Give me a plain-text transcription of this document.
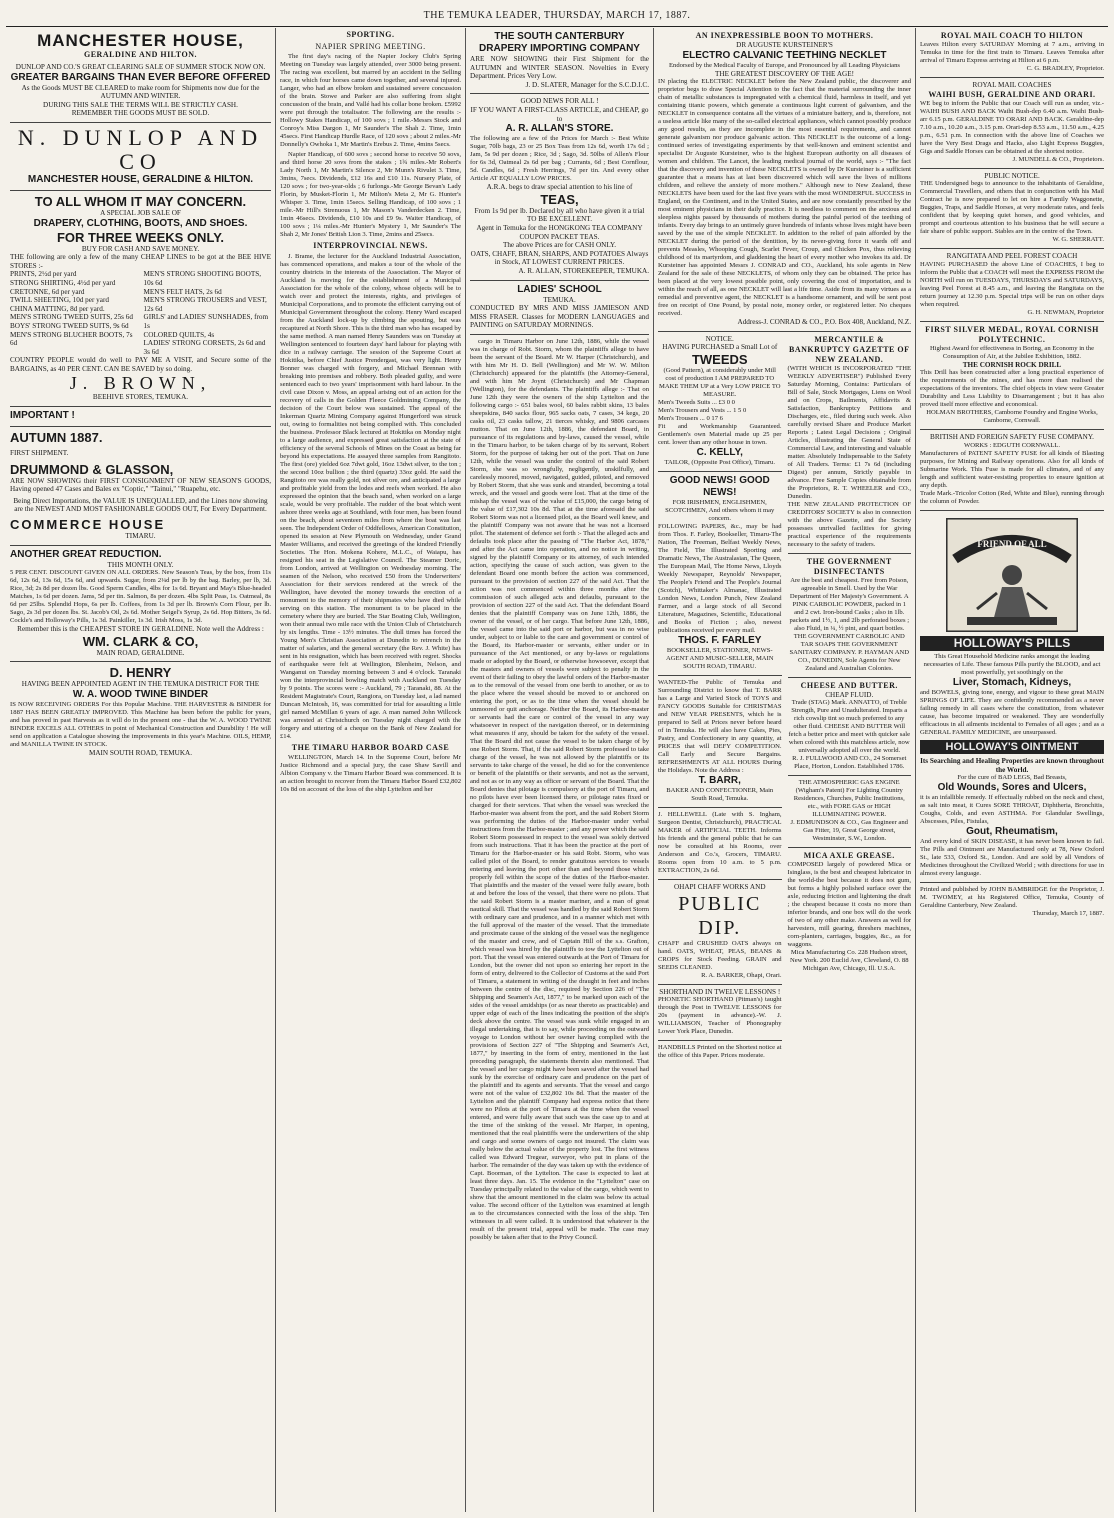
THE TEMUKA LEADER, THURSDAY, MARCH 17, 1887.
MANCHESTER HOUSE,
GERALDINE AND HILTON.
DUNLOP AND CO.'S GREAT CLEARING SALE OF SUMMER STOCK NOW ON.
GREATER BARGAINS THAN EVER BEFORE OFFERED
As the Goods MUST BE CLEARED to make room for Shipments now due for the AUTUMN AND WINTER.
DURING THIS SALE THE TERMS WILL BE STRICTLY CASH.
REMEMBER THE GOODS MUST BE SOLD.
N. DUNLOP AND CO
MANCHESTER HOUSE, GERALDINE & HILTON.
TO ALL WHOM IT MAY CONCERN.
A SPECIAL JOB SALE OF
DRAPERY, CLOTHING, BOOTS, AND SHOES.
FOR THREE WEEKS ONLY.
BUY FOR CASH AND SAVE MONEY.
THE following are only a few of the many CHEAP LINES to be got at the BEE HIVE STORES :-
PRINTS, 2½d per yard
STRONG SHIRTING, 4½d per yard
CRETONNE, 6d per yard
TWILL SHEETING, 10d per yard
CHINA MATTING, 8d per yard.
MEN'S STRONG TWEED SUITS, 25s 6d
BOYS' STRONG TWEED SUITS, 9s 6d
MEN'S STRONG BLUCHER BOOTS, 7s 6d
MEN'S STRONG SHOOTING BOOTS, 10s 6d
MEN'S FELT HATS, 2s 6d
MEN'S STRONG TROUSERS and VEST, 12s 6d
GIRLS' and LADIES' SUNSHADES, from 1s
COLORED QUILTS, 4s
LADIES' STRONG CORSETS, 2s 6d and 3s 6d
COUNTRY PEOPLE would do well to PAY ME A VISIT, and Secure some of the BARGAINS, as 40 PER CENT. CAN BE SAVED by so doing.
J. BROWN,
BEEHIVE STORES, TEMUKA.
IMPORTANT !
AUTUMN 1887.
FIRST SHIPMENT.
DRUMMOND & GLASSON,
ARE NOW SHOWING their FIRST CONSIGNMENT OF NEW SEASON'S GOODS, Having opened 47 Cases and Bales ex "Coptic," "Tainui," "Ruapehu, etc.
Being Direct Importations, the VALUE IS UNEQUALLED, and the Lines now showing are the NEWEST AND MOST FASHIONABLE GOODS OUT, For Every Department.
COMMERCE HOUSE
TIMARU.
ANOTHER GREAT REDUCTION.
THIS MONTH ONLY.
5 PER CENT. DISCOUNT GIVEN ON ALL ORDERS. New Season's Teas, by the box, from 11s 6d, 12s 6d, 13s 6d, 15s 6d, and upwards. Sugar, from 2¼d per lb by the bag. Barley, per lb, 3d. Rice, 3d; 2s 8d per dozen lbs. Good Sperm Candles, 4lbs for 1s 6d. Bryant and May's Blue-headed Matches, 1s 6d per dozen. Jams, 5d per tin. Salmon, 8s per dozen. 4lbs Split Peas, 1s. Oatmeal, 8s 6d per 25lbs. Splendid Hops, 6s per lb. Coffees, from 1s 3d per lb. Brown's Corn Flour, per lb. Sago, 2s 3d per dozen lbs. St. Jacob's Oil, 2s 6d. Mother Seigel's Syrup, 2s 6d. Hop Bitters, 3s 6d. Cockle's and Holloway's Pills, 1s 3d. Painkiller, 1s 3d. Irish Moss, 1s 3d.
Remember this is the CHEAPEST STORE IN GERALDINE. Note well the Address :
WM. CLARK & CO,
MAIN ROAD, GERALDINE.
D. HENRY
HAVING BEEN APPOINTED AGENT IN THE TEMUKA DISTRICT FOR THE
W. A. WOOD TWINE BINDER
IS NOW RECEIVING ORDERS For this Popular Machine. THE HARVESTER & BINDER for 1887 HAS BEEN GREATLY IMPROVED. This Machine has been before the public for years, and has proved in past Harvests as it will do in the present one - that the W. A. WOOD TWINE BINDER EXCELS ALL OTHERS in point of Mechanical Construction and Durability ! He will send on application a Catalogue showing the improvements in this year's Machine. OILS, HEMP, and MANILLA TWINE IN STOCK.
MAIN SOUTH ROAD, TEMUKA.
SPORTING.
NAPIER SPRING MEETING.

The first day's racing of the Napier Jockey Club's Spring Meeting on Tuesday was largely attended, over 3000 being present. The racing was excellent, but marred by an accident in the Selling race, in which four horses came down together, and several injured. Langer, who had an elbow broken and sustained severe concussion of the brain. Stowe and Parker are also suffering from slight concussion of the brain, and Vallé had his collar bone broken. £5992 were put through the totalisator. The following are the results :- Hollowy Stakes Handicap, of 100 sovs ; 1 mile.-Messrs Stock and Conroy's Miss Dargon 1, Mr Saunder's The Shah 2. Time, 1min 45secs. First Handicap Hurdle Race, of 120 sovs ; about 2 miles.-Mr Donnelly's Owhoka 1, Mr Martin's Erebus 2. Time, 4mins 5secs.

Napier Handicap, of 600 sovs ; second horse to receive 50 sovs, and third horse 20 sovs from the stakes ; 1¾ miles.-Mr Robert's Lady North 1, Mr Martin's Silence 2, Mr Munn's Rivulet 3. Time, 3mins, 7secs. Dividends, £12 16s and £10 11s. Nursery Plate, of 120 sovs ; for two-year-olds ; 6 furlongs.-Mr George Bevan's Lady Florin, by Musket-Florin 1, Mr Milton's Meta 2, Mr G. Hunter's Whisper 3. Time, 1min 15secs. Selling Handicap, of 100 sovs ; 1 mile.-Mr Hill's Strenuous 1, Mr Mason's Vanderdecken 2. Time, 1min 46secs. Dividends, £10 10s and £9 9s. Waiter Handicap, of 100 sovs ; 1¼ miles.-Mr Hunter's Mystery 1, Mr Saunder's The Shah 2, Mr Jones' British Lion 3. Time, 2mins and 25secs.

INTERPROVINCIAL NEWS.

J. Brame, the lecturer for the Auckland Industrial Association, has commenced operations, and makes a tour of the whole of the country districts in the interests of the Association. The Mayor of Auckland is moving for the establishment of a Municipal Association for the whole of the colony, whose objects will be to watch over and protect the interests, rights, and privileges of Municipal Corporations, and to promote the efficient carrying out of Municipal Government throughout the colony. Henry Ward escaped from the Auckland lock-up by climbing the spouting, but was recaptured at North Shore. This is the third man who has escaped by the same method. A man named Henry Saunders was on Tuesday at Wellington sentenced to fourteen days' hard labour for playing with dice in a railway carriage. The session of the Supreme Court at Hokitika, before Chief Justice Prendergast, was very light. Henry Bonner was charged with forgery, and Michael Brennan with breaking into premises and robbery. Both pleaded guilty, and were sentenced each to two years' imprisonment with hard labour. In the civil case Dixon v. Moss, an appeal arising out of an action for the recovery of calls in the Golden Fleece Goldmining Company, the decision of the Court below was sustained. The appeal of the Inkerman Quartz Mining Company against Hungerford was struck out, owing to formalities not being complied with. This concluded the business. Professor Black lectured at Hokitika on Monday night to a large audience, and expressed great satisfaction at the state of efficiency of the several Schools of Mines on the Coast as being far beyond his expectations. He assayed three samples from Rangitoto. The first (ore) yielded 6oz 7dwt gold, 16oz 13dwt silver, to the ton ; the second 10oz bullion ; the third (quartz) 33oz gold. He said the Rangitoto ore was really gold, not silver ore, and anticipated a large and profitable yield from the lodes and reefs when worked. He also expressed the opinion that the beach sand, when worked on a large scale, would be very profitable. The rudder of the boat which went ashore three weeks ago at Southland, with four men, has been found on the beach, about seventeen miles from where the boat was last seen. The Independent Order of Oddfellows, American Constitution, opened its session at New Plymouth on Wednesday, under Grand Master Williams, and received the greetings of the kindred Friendly Societies. The Hon. Mokena Kohere, M.L.C., of Waiapu, has resigned his seat in the Legislative Council. The Steamer Doric, from London, arrived at Wellington on Wednesday morning. The seamen of the Nelson, who received £50 from the Underwriters' Association for their services rendered at the wreck of the Wellington, have devoted the money towards the erection of a monument to the memory of their shipmates who have died while serving on this station. The monument is to be placed in the cemetery where they are buried. The Star Boating Club, Wellington, won their annual two mile race with the Union Club of Christchurch by six lengths. Time - 13½ minutes. The dull times has forced the Young Men's Christian Association at Dunedin to retrench in the matter of salaries, and the general secretary (the Rev. J. White) has sent in his resignation, which has been received with regret. Shocks of earthquake were felt at Wellington, Blenheim, Nelson, and Wanganui on Tuesday morning between 3 and 4 o'clock. Taranaki won the interprovincial bowling match with Auckland on Tuesday by 9 points. The scores were :- Auckland, 79 ; Taranaki, 88. At the Resident Magistrate's Court, Rangiora, on Tuesday last, a lad named Duncan McIntosh, 16, was committed for trial for assaulting a little girl named McMillan 6 years of age. A man named John Willcock was arrested at Christchurch on Tuesday night charged with the forgery and uttering of a cheque on the Bank of New Zealand for £14.

THE TIMARU HARBOR BOARD CASE

WELLINGTON, March 14. In the Supreme Court, before Mr Justice Richmond and a special jury, the case Shaw Savill and Albion Company v. the Timaru Harbor Board was commenced. It is an action brought to recover from the Timaru Harbor Board £32,802 10s 8d on account of the loss of the ship Lyttelton and her

THE SOUTH CANTERBURY DRAPERY IMPORTING COMPANY
ARE NOW SHOWING their First Shipment for the AUTUMN and WINTER SEASON. Novelties in Every Department. Prices Very Low.
J. D. SLATER, Manager for the S.C.D.I.C.
GOOD NEWS FOR ALL !
IF YOU WANT A FIRST-CLASS ARTICLE, and CHEAP, go to
A. R. ALLAN'S STORE.
The following are a few of the Prices for March :- Best White Sugar, 70lb bags, 23 or 25 Box Teas from 12s 6d, worth 17s 6d ; Jam, 5s 9d per dozen ; Rice, 3d ; Sago, 3d. 50lbs of Allen's Flour for 6s 3d, Oatmeal 2s 6d per bag ; Currants, 6d ; Best Cornflour, 5d. Candles, 6d ; Fresh Herrings, 7d per tin. And every other Article AT EQUALLY LOW PRICES.
A.R.A. begs to draw special attention to his line of
TEAS,
From 1s 9d per lb. Declared by all who have given it a trial TO BE EXCELLENT.
Agent in Temuka for the HONGKONG TEA COMPANY COUPON PACKET TEAS.
The above Prices are for CASH ONLY.
OATS, CHAFF, BRAN, SHARPS, AND POTATOES Always in Stock, AT LOWEST CURRENT PRICES.
A. R. ALLAN, STOREKEEPER, TEMUKA.
LADIES' SCHOOL
TEMUKA.
CONDUCTED BY MRS AND MISS JAMIESON AND MISS FRASER. Classes for MODERN LANGUAGES and PAINTING on SATURDAY MORNINGS.

cargo in Timaru Harbor on June 12th, 1886, while the vessel was in charge of Robt. Storm, whom the plaintiffs allege to have been the servant of the Board. Mr W. Harper (Christchurch), and with him Mr H. D. Bell (Wellington) and Mr W. W. Milton (Christchurch) appeared for the plaintiffs (the Attorney-General, and with him Mr Joynt (Christchurch) and Mr Chapman (Wellington), for the defendants. The plaintiffs allege :- That on June 12th they were the owners of the ship Lyttelton and the following cargo :- 651 bales wool, 60 bales rabbit skins, 13 bales sheepskins, 840 sacks flour, 965 sacks oats, 7 cases, 34 kegs, 20 casks oil, 23 casks tallow, 21 tierces whisky, and 9806 carcases mutton. That on June 12th, 1886, the defendant Board, in pursuance of its regulations and by-laws, caused the vessel, while in the Timaru harbor, to be taken charge of by its servant, Robert Storm, for the purpose of taking her out of the port. That on June 12th, while the vessel was under the control of the said Robert Storm, she was so wrongfully, negligently, unskilfully, and carelessly moored, moved, navigated, guided, piloted, and removed by Robert Storm, that she was sunk and stranded, becoming a total wreck, and the vessel and goods were lost. That at the time of the mishap the vessel was of the value of £15,000, the cargo being of the value of £17,302 10s 8d. That at the time aforesaid the said Robert Storm was not a licensed pilot, as the Board well knew, and the plaintiff Company was not aware that he was not a licensed pilot. The statement of defence set forth :- That the alleged acts and defaults took place after the passing of "The Harbor Act, 1878," and after the Act came into operation, and no notice in writing, signed by the plaintiff Company or its attorney, of such intended action, specifying the cause of such action, was given to the defendant Board one month before the action was commenced, pursuant to the provision of section 227 of the said Act. That the action was not commenced within three months after the commission of such alleged acts and defaults, pursuant to the provision of section 227 of the said Act. That the defendant Board denies that the plaintiff Company was on June 12th, 1886, the owner of the vessel, or of her cargo. That before June 12th, 1886, the vessel came into the said port or harbor, but was in no wise under, subject to or liable to the care and government or control of the Board, its Harbor-master or servants, either under or in pursuance of the Act mentioned, or any by-laws or regulations made or adopted by the Board, or otherwise howsoever, except that the masters and owners of vessels were subject to penalty in the event of their failing to obey the lawful orders of the Harbor-master as to the removal of the vessel from one berth to another, or as to the place where the vessel should be moved to or anchored on entering the port, or as to the time when the vessel should be unmoored or quit anchorage. Neither the Board, its Harbor-master or servants had the care or control of the vessel in any way whatsoever in respect of the navigation thereof, or in determining what measures if any, should be taken for the safety of the vessel. That the Board did not cause the vessel to be taken charge of by one Robert Storm. That, if the said Robert Storm professed to take charge of the vessel, he was not allowed by the plaintiffs or its servants to take charge of the vessel, he did so for the convenience or benefit of the plaintiffs or their servants, and not as the servant, and not as or in any way as officer or servant of the Board. That the Board denies that pilotage is compulsory at the port of Timaru, and no pilots have ever been licensed there, or pilotage rates fixed or charged for their services. That when the vessel was wrecked the Harbor-master was absent from the port, and the said Robert Storm was performing the duties of the Harbor-master under verbal instructions from the Harbor-master ; and any power which the said Robert Storm possessed in respect to the vessel was solely derived from such instructions. That it has been the practice at the port of Timaru for the Harbor-master or his said Robt. Storm, who was called pilot of the Board, to render gratuitous services to vessels entering and leaving the port other than and beyond those which properly fell within the scope of the duties of the Harbor-master. That plaintiffs and the master of the vessel were fully aware, both at and before the loss of the vessel, that there were no pilots. That the said Robert Storm is a master mariner, and a man of great nautical skill. That the vessel was handled by the said Robert Storm with ordinary care and prudence, and in a manner which met with the full approval of the master of the vessel. That the immediate and proximate cause of the sinking of the vessel was the negligence of the master and crew, and of Captain Hill of the s.s. Grafton, which vessel was hired by the plaintiffs to tow the Lyttelton out of port. That the vessel was entered outwards at the Port of Timaru for London, but the owner did not upon so entering her report in the form of entry, delivered to the Collector of Customs at the said Port of Timaru, a statement in writing of the draught in feet and inches between the centre of the disc, required by Section 226 of "The Shipping and Seamen's Act, 1877," to be marked upon each of the sides of the vessel amidships (or as near thereto as practicable) and upper edge of each of the lines indicating the position of the ship's deck above the centre. The vessel was sunk while engaged in an illegal undertaking, that is to say, while proceeding on the outward voyage to London without her owner having complied with the provisions of Section 227 of "The Shipping and Seamen's Act, 1877," by inserting in the form of entry, mentioned in the last preceding paragraph, the statements therein also mentioned. That the vessel and her cargo might have been saved after the vessel had sunk by the exercise of ordinary care and prudence on the part of the plaintiff and its agents and servants. That the vessel and cargo were not of the value of £32,802 10s 8d. That the master of the Lyttelton and the plaintiff Company had express notice that there were no Pilots at the port of Timaru at the time when the vessel entered, and were fully aware that such was the case up to and at the time of the sinking of the vessel. Mr Harper, in opening, mentioned that the real plaintiffs were the underwriters of the ship and cargo and some owners of cargo not insured. The claim was really below the actual value of the property lost. The first witness called was Edward Tregear, surveyor, who put in plans of the harbor. The remainder of the day was taken up with the evidence of Capt. Boorman, of the Lyttelton. The case is expected to last at least three days. Jan. 15. The evidence in the "Lyttelton" case on Tuesday principally related to the value of the cargo, which went to show that the amount mentioned in the claim was below its actual value. The second officer of the Lyttelton was examined at length as to the circumstances connected with the loss of the ship. Ten witnesses in all were called. It is understood that whatever is the result of the present trial, appeal will be made. The case may possibly be taken after that to the Privy Council.

AN INEXPRESSIBLE BOON TO MOTHERS.
DR AUGUSTE KURSTEINER'S
ELECTRO CALVANIC TEETHING NECKLET
Endorsed by the Medical Faculty of Europe, and Pronounced by all Leading Physicians
THE GREATEST DISCOVERY OF THE AGE!
IN placing the ELECTRIC NECKLET before the New Zealand public, the discoverer and proprietor begs to draw Special Attention to the fact that the material surrounding the inner chain of metallic substances is impregnated with a chemical fluid, harmless in itself, and yet containing titanic powers, which generate a continuous light current of galvanism, and the NECKLET in consequence contains all the virtues of a miniature battery, and is, therefore, not a useless article like many of the so-called electrical appliances, which cannot possibly produce any good results, as they are incomplete in the most essential requirements, and cannot generate galvanism nor produce galvanic action. This NECKLET is the outcome of a long-continued series of investigating experiments by that well-known and eminent scientist and specialist Dr Auguste Kursteiner, who is the highest European authority on all diseases of women and children. The Lancet, the leading medical journal of the world, says :- "The fact that the discovery and invention of these NECKLETS is owned by Dr Kursteiner is a sufficient guarantee that a means has at last been discovered which will save the lives of millions children, and relieve the anxiety of more mothers." Although new to New Zealand, these NECKLETS have been used for the last five years with the most WONDERFUL SUCCESS in England, on the Continent, and in the United States, and are now constantly prescribed by the most eminent physicians in their daily practice. It is needless to comment on the anxious and sleepless nights passed by thousands of mothers during the painful period of the teething of infants. Every day brings to an untimely grave hundreds of infants whose lives might have been saved by the use of the simple NECKLET. In addition to the relief of pain afforded by the NECKLET during the period of the dentition, by its never-giving force it wards off and prevents Measles, Whooping Cough, Scarlet Fever, Croup, and Chicken Pox, thus relieving childhood of its martyrdom, and gladdening the heart of every mother who invokes its aid. Dr Kursteiner has appointed Messrs J. CONRAD and CO., Auckland, his sole agents in New Zealand for the sale of these NECKLETS, of whom only they can be obtained. The price has been placed at the very lowest possible point, only covering the cost of importation, and is within the reach of all, as one NECKLET will last a life time. Aside from its many virtues as a remedial and preventive agent, the NECKLET is a handsome ornament, and will be sent post free on receipt of One Pound, by postal note, money order, or registered letter. No cheques received.
Address-J. CONRAD & CO., P.O. Box 408, Auckland, N.Z.
NOTICE.
HAVING PURCHASED a Small Lot of
TWEEDS
(Good Pattern), at considerably under Mill cost of production I AM PREPARED TO MAKE THEM UP at a Very LOW PRICE TO MEASURE.
Men's Tweeds Suits ... £3 0 0
Men's Trousers and Vests ... 1 5 0
Men's Trousers ... 0 17 6
Fit and Workmanship Guaranteed. Gentlemen's own Material made up 25 per cent. lower than any other house in town.
C. KELLY,
TAILOR, (Opposite Post Office), Timaru.
GOOD NEWS! GOOD NEWS!
FOR IRISHMEN, ENGLISHMEN, SCOTCHMEN, And others whom it may concern.
FOLLOWING PAPERS, &c., may be had from Thos. F. Farley, Bookseller, Timaru-The Nation, The Freeman, Belfast Weekly News, The Field, The Illustrated Sporting and Dramatic News, The Australasian, The Queen, The European Mail, The Home News, Lloyds Weekly Newspaper, Reynolds' Newspaper, The People's Friend and The People's Journal (Scotch), Whittaker's Almanac, Illustrated London News, London Punch, New Zealand Farmer, and a large stock of all Second Literature, Magazines, Scientific, Educational and Books of Fiction ; also, newest publications received per every mail.
THOS. F. FARLEY
BOOKSELLER, STATIONER, NEWS-AGENT AND MUSIC-SELLER, MAIN SOUTH ROAD, TIMARU.
WANTED-The Public of Temuka and Surrounding District to know that T. BARR has a Large and Varied Stock of TOYS and FANCY GOODS Suitable for CHRISTMAS and NEW YEAR PRESENTS, which he is prepared to Sell at Prices never before heard of in Temuka. He will also have Cakes, Pies, Pastry, and Confectionery in any quantity, at PRICES that will DEFY COMPETITION. Call Early and Secure Bargains. REFRESHMENTS AT ALL HOURS During the Holidays. Note the Address :
T. BARR,
BAKER AND CONFECTIONER, Main South Road, Temuka.
J. HELLEWELL (Late with S. Ingham, Surgeon Dentist, Christchurch), PRACTICAL MAKER of ARTIFICIAL TEETH. Informs his friends and the general public that he can now be consulted at his Rooms, over Anderson and Co.'s, Grocers, TIMARU. Rooms open from 10 a.m. to 5 p.m. EXTRACTION, 2s 6d.
OHAPI CHAFF WORKS AND
PUBLIC DIP.
CHAFF and CRUSHED OATS always on hand. OATS, WHEAT, PEAS, BEANS & CROPS for Stock Feeding. GRAIN and SEEDS CLEANED.
R. A. BARKER, Ohapi, Orari.
SHORTHAND IN TWELVE LESSONS !
PHONETIC SHORTHAND (Pitman's) taught through the Post in TWELVE LESSONS for 20s (payment in advance).-W. J. WILLIAMSON, Teacher of Phonography Lower York Place, Dunedin.
HANDBILLS Printed on the Shortest notice at the office of this Paper. Prices moderate.
MERCANTILE & BANKRUPTCY GAZETTE OF NEW ZEALAND.
(WITH WHICH IS INCORPORATED "THE WEEKLY ADVERTISER") Published Every Saturday Morning, Contains: Particulars of Bill of Sale, Stock Mortgages, Liens on Wool and on Crops, Bailments, Affidavits & Satisfaction, Bankruptcy Petitions and Discharges, etc., filed during such week. Also carefully revised Share and Produce Market Reports ; Latest Legal Decisions ; Original Articles, illustrating the General State of Commercial Law, and interesting and valuable matter. Absolutely Indispensable to the Safety of All Traders. Terms: £1 7s 6d (including Digest) per annum, Strictly payable in advance. Free Sample Copies obtainable from the Proprietors, R. T. WHEELER and CO., Dunedin.
THE NEW ZEALAND PROTECTION OF CREDITORS' SOCIETY is also in connection with the above Gazette, and the Society possesses unrivalled facilities for giving practical experience of the requirements necessary to the safety of traders.
THE GOVERNMENT DISINFECTANTS
Are the best and cheapest. Free from Poison, agreeable in Smell. Used by the War Department of Her Majesty's Government. A PINK CARBOLIC POWDER, packed in 1 and 2 cwt. Iron-bound Casks ; also in 1lb. packets and 1½, 1, and 2lb perforated boxes ; also Fluid, in ¼, ½ pint, and quart bottles.
THE GOVERNMENT CARBOLIC AND TAR SOAPS THE GOVERNMENT SANITARY COMPANY. P. HAYMAN AND CO., DUNEDIN, Sole Agents for New Zealand and Australian Colonies.
CHEESE AND BUTTER.
CHEAP FLUID.
Trade (STAG) Mark. ANNATTO, of Treble Strength, Pure and Unadulterated. Imparts a rich cowslip tint so much preferred to any other fluid. CHEESE AND BUTTER Will fetch a better price and meet with quicker sale when colored with this matchless article, now universally adopted all over the world.
R. J. FULLWOOD AND CO., 24 Somerset Place, Horton, London. Established 1786.
THE ATMOSPHERIC GAS ENGINE (Wigham's Patent) For Lighting Country Residences, Churches, Public Institutions, etc., with FORE GAS or HIGH ILLUMINATING POWER.
J. EDMUNDSON & CO., Gas Engineer and Gas Fitter, 19, Great George street, Westminster, S.W., London.
MICA AXLE GREASE.
COMPOSED largely of powdered Mica or Isinglass, is the best and cheapest lubricator in the world-the best because it does not gum, but forms a highly polished surface over the axle, reducing friction and lightening the draft ; the cheapest because it costs no more than inferior brands, and one box will do the work of two of any other make. Answers as well for harvesters, mill gearing, threshers machines, corn-planters, carriages, buggies, &c., as for waggons.
Mica Manufacturing Co. 228 Hudson street, New York. 200 Euclid Ave, Cleveland, O. 88 Michigan Ave, Chicago, Ill. U.S.A.
ROYAL MAIL COACH TO HILTON
Leaves Hilton every SATURDAY Morning at 7 a.m., arriving in Temuka in time for the first train to Timaru. Leaves Temuka after arrival of Timaru Express arriving at Hilton at 6 p.m.
C. G. BRADLEY, Proprietor.
ROYAL MAIL COACHES
WAIHI BUSH, GERALDINE AND ORARI.
WE beg to inform the Public that our Coach will run as under, viz.- WAIHI BUSH AND BACK Waihi Bush-dep 6.40 a.m. Waihi Bush-arr 6.15 p.m. GERALDINE TO ORARI AND BACK. Geraldine-dep 7.10 a.m., 10.20 a.m., 3.15 p.m. Orari-dep 8.53 a.m., 11.50 a.m., 4.25 p.m., 6.51 p.m. In connection with the above line of Coaches we have the Very Best Drags and Hacks, also Light Express Buggies, Gigs and Saddle Horses can be obtained at the shortest notice.
J. MUNDELL & CO., Proprietors.
PUBLIC NOTICE.
THE Undersigned begs to announce to the inhabitants of Geraldine, Commercial Travellers, and others that in conjunction with his Mail Contract he is now prepared to let on hire a Family Waggonette, Buggies, Traps, and Saddle Horses, at very moderate rates, and feels confident that by keeping quiet horses, and good vehicles, and prompt and courteous attention to his business that he will secure a fair share of public support. Stables are in the centre of the Town.
W. G. SHERRATT.
RANGITATA AND PEEL FOREST COACH
HAVING PURCHASED the above Line of COACHES, I beg to inform the Public that a COACH will meet the EXPRESS FROM the NORTH will run on TUESDAYS, THURSDAYS and SATURDAYS, leaving Peel Forest at 8.45 a.m., and leaving the Rangitata on the return journey at 12.30 p.m. Special trips will be run on other days when required.
G. H. NEWMAN, Proprietor
FIRST SILVER MEDAL, ROYAL CORNISH POLYTECHNIC.
Highest Award for effectiveness in Boring, an Economy in the Consumption of Air, at the Jubilee Exhibition, 1882.
THE CORNISH ROCK DRILL
This Drill has been constructed after a long practical experience of the requirements of the mines, and has more than realised the expectations of the inventors. The chief objects in view were Greater Durability and Less Liability to Disarrangement ; but it has also proved itself more effective and economical.
HOLMAN BROTHERS, Camborne Foundry and Engine Works, Camborne, Cornwall.
BRITISH AND FOREIGN SAFETY FUSE COMPANY.
WORKS : EDGUTH CORNWALL.
Manufacturers of PATENT SAFETY FUSE for all kinds of Blasting purposes, for Mining and Railway operations. Also for all kinds of Submarine Work. This Fuse is made for all climates, and of any length and sufficient water-resisting properties to ensure ignition at any depth.
Trade Mark.-Tricolor Cotton (Red, White and Blue), running through the column of Powder.
FRIEND OF ALL
HOLLOWAY'S PILLS
This Great Household Medicine ranks amongst the leading necessaries of Life. These famous Pills purify the BLOOD, and act most powerfully, yet soothingly on the
Liver, Stomach, Kidneys,
and BOWELS, giving tone, energy, and vigour to these great MAIN SPRINGS OF LIFE. They are confidently recommended as a never failing remedy in all cases where the constitution, from whatever cause, has become impaired or weakened. They are wonderfully efficacious in all ailments incidental to Females of all ages ; and as a GENERAL FAMILY MEDICINE, are unsurpassed.
HOLLOWAY'S OINTMENT
Its Searching and Healing Properties are known throughout the World.
For the cure of BAD LEGS, Bad Breasts,
Old Wounds, Sores and Ulcers,
it is an infallible remedy. If effectually rubbed on the neck and chest, as salt into meat, it Cures SORE THROAT, Diphtheria, Bronchitis, Coughs, Colds, and even ASTHMA. For Glandular Swellings, Abscesses, Piles, Fistulas,
Gout, Rheumatism,
And every kind of SKIN DISEASE, it has never been known to fail. The Pills and Ointment are Manufactured only at 78, New Oxford St., late 533, Oxford St., London. And are sold by all Vendors of Medicines throughout the Civilized World ; with directions for use in almost every language.
Printed and published by JOHN BAMBRIDGE for the Proprietor, J. M. TWOMEY, at his Registered Office, Temuka, County of Geraldine Canterbury, New Zealand.
Thursday, March 17, 1887.
